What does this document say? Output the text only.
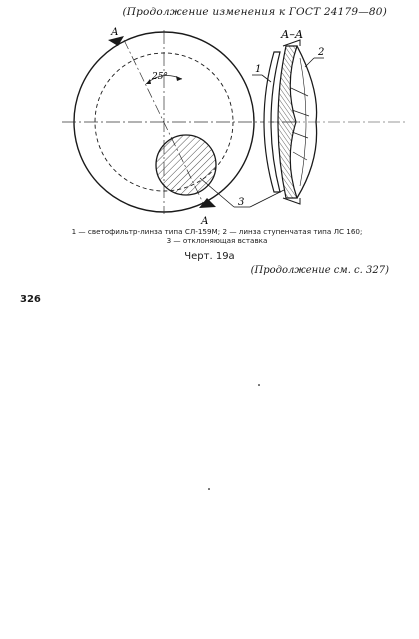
(Продолжение изменения к ГОСТ 24179—80)
А
А
25°
А–А
1
2
3
1 — светофильтр-линза типа СЛ-159М; 2 — линза ступенчатая типа ЛС 160;
3 — отклоняющая вставка
Черт. 19а
(Продолжение см. с. 327)
326
